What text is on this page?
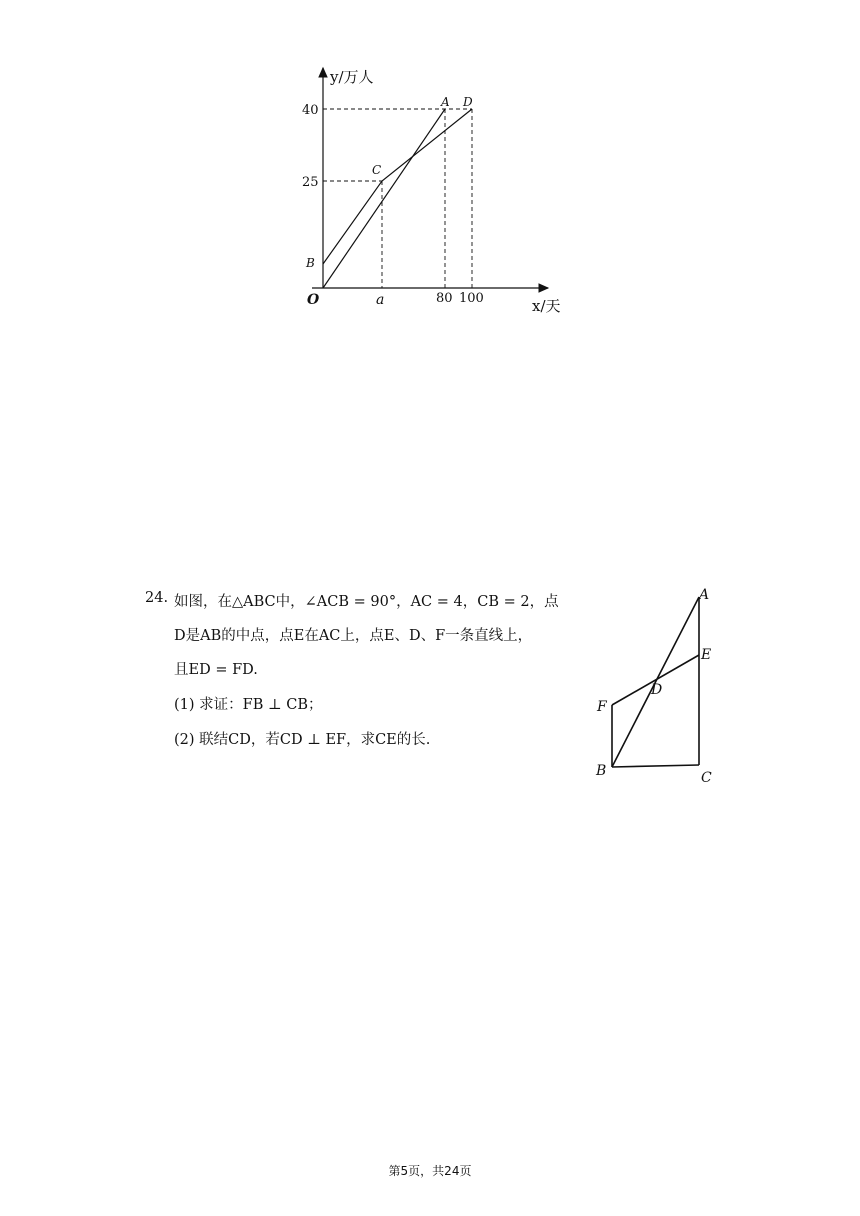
y/万人
x/天
40
25
O	a	80 100
A D
C
B
24. 如图，在△ABC中，∠ACB = 90°，AC = 4，CB = 2，点
D是AB的中点，点E在AC上，点E、D、F一条直线上，
且ED = FD.
(1) 求证：FB ⊥ CB；
(2) 联结CD，若CD ⊥ EF，求CE的长.
A
E
D
F
B	C
第5页，共24页
